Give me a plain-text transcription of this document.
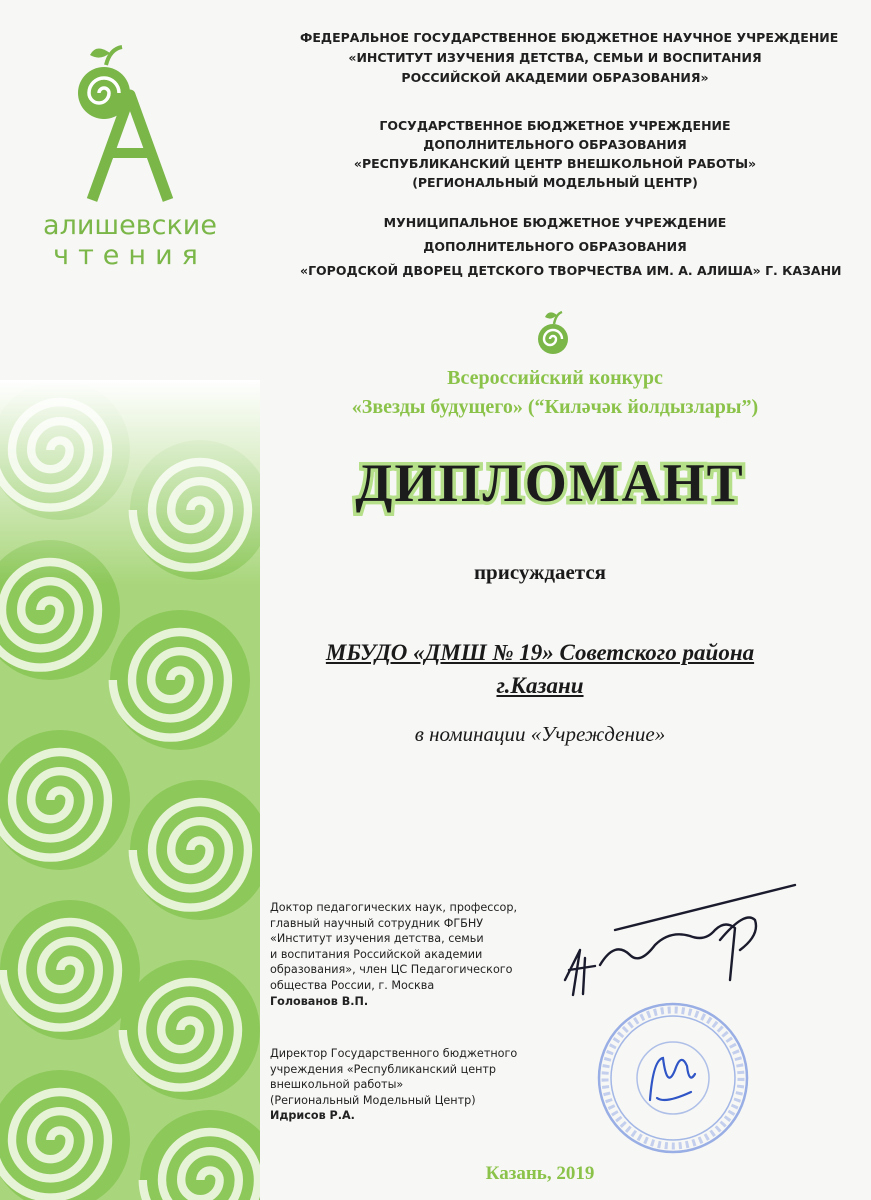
алишевские
чтения
ФЕДЕРАЛЬНОЕ ГОСУДАРСТВЕННОЕ БЮДЖЕТНОЕ НАУЧНОЕ УЧРЕЖДЕНИЕ
«ИНСТИТУТ ИЗУЧЕНИЯ ДЕТСТВА, СЕМЬИ И ВОСПИТАНИЯ
РОССИЙСКОЙ АКАДЕМИИ ОБРАЗОВАНИЯ»
ГОСУДАРСТВЕННОЕ БЮДЖЕТНОЕ УЧРЕЖДЕНИЕ
ДОПОЛНИТЕЛЬНОГО ОБРАЗОВАНИЯ
«РЕСПУБЛИКАНСКИЙ ЦЕНТР ВНЕШКОЛЬНОЙ РАБОТЫ»
(РЕГИОНАЛЬНЫЙ МОДЕЛЬНЫЙ ЦЕНТР)
МУНИЦИПАЛЬНОЕ БЮДЖЕТНОЕ УЧРЕЖДЕНИЕ
ДОПОЛНИТЕЛЬНОГО ОБРАЗОВАНИЯ
«ГОРОДСКОЙ ДВОРЕЦ ДЕТСКОГО ТВОРЧЕСТВА ИМ. А. АЛИША» Г. КАЗАНИ
Всероссийский конкурс
«Звезды будущего» (“Киләчәк йолдызлары”)
ДИПЛОМАНТ
присуждается
МБУДО «ДМШ № 19» Советского района
г.Казани
в номинации «Учреждение»
Доктор педагогических наук, профессор,
главный научный сотрудник ФГБНУ
«Институт изучения детства, семьи
и воспитания Российской академии
образования», член ЦС Педагогического
общества России, г. Москва
Голованов В.П.
Директор Государственного бюджетного
учреждения «Республиканский центр
внешкольной работы»
(Региональный Модельный Центр)
Идрисов Р.А.
Казань, 2019
